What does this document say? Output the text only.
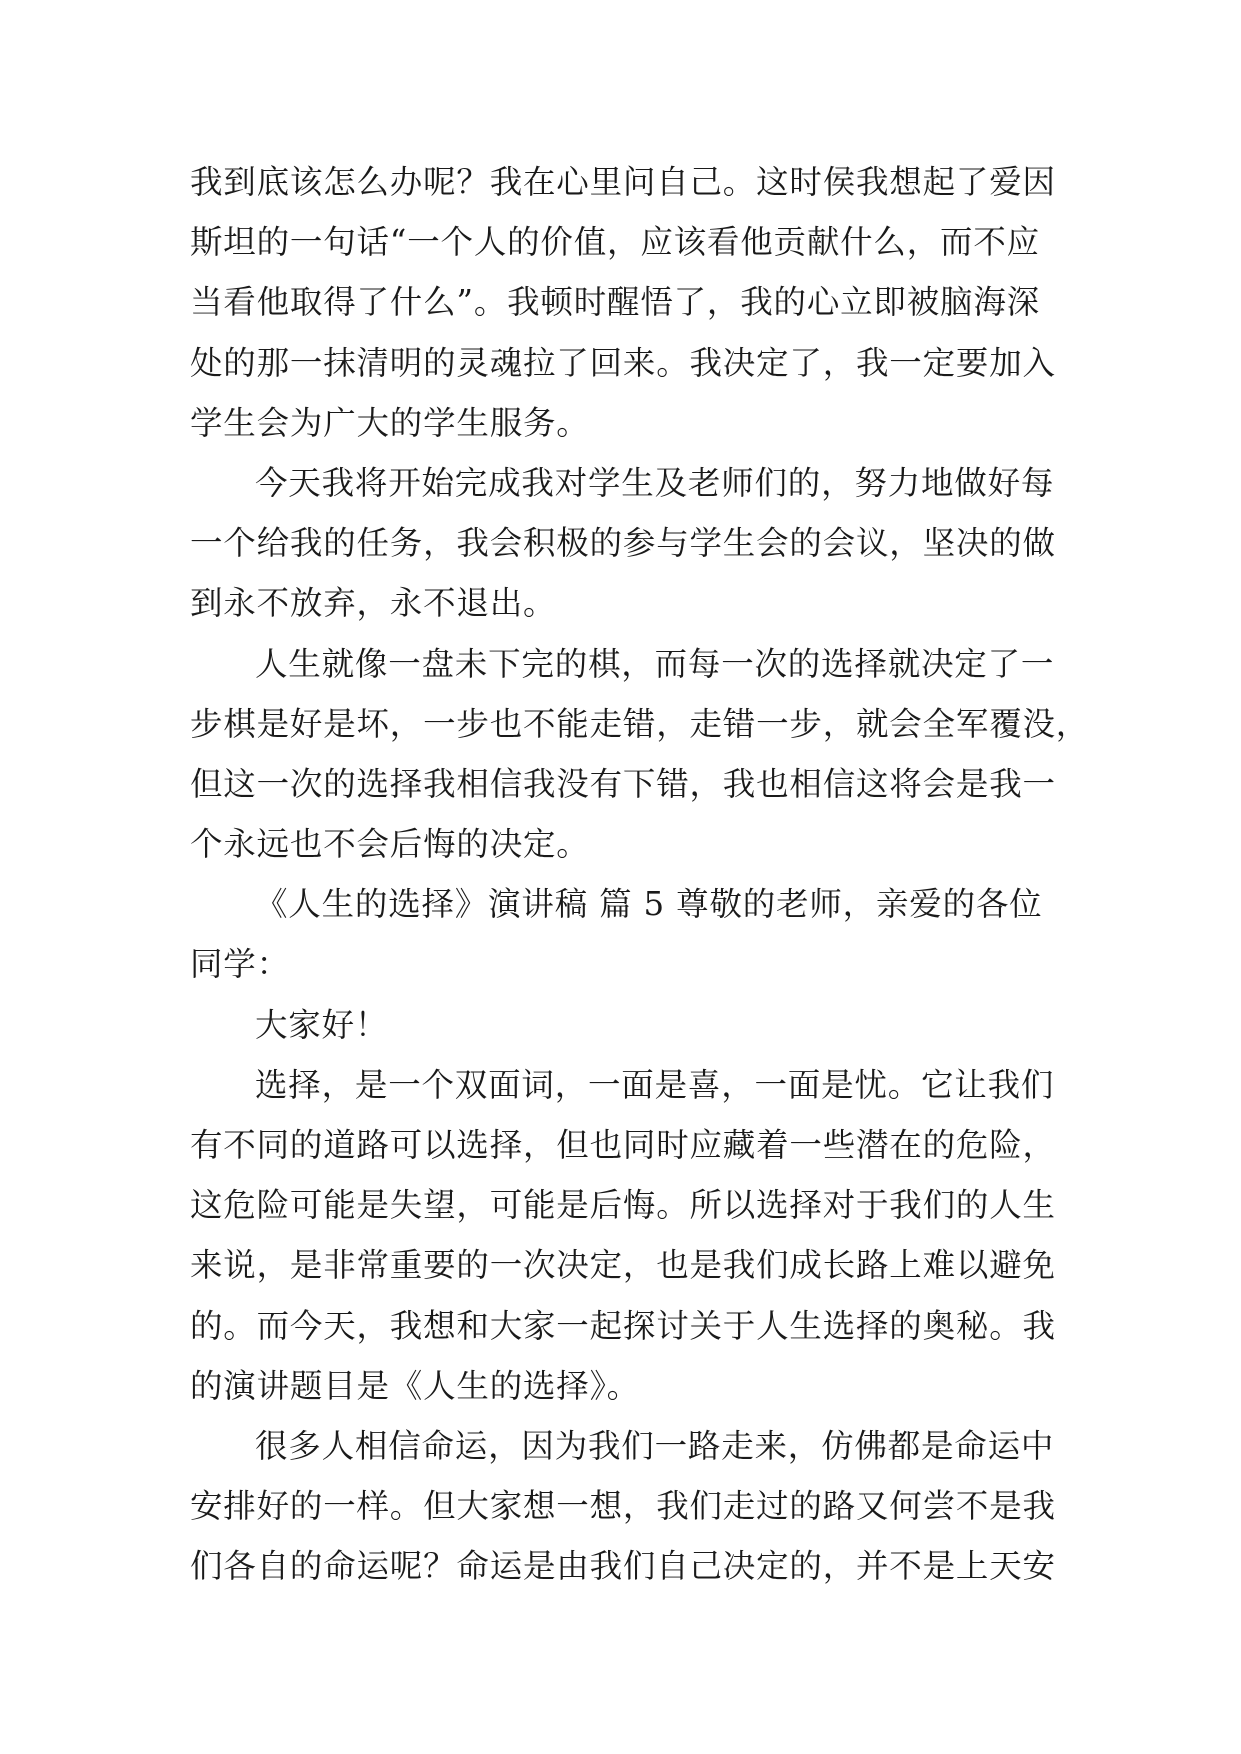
我到底该怎么办呢？我在心里问自己。这时侯我想起了爱因
斯坦的一句话“一个人的价值，应该看他贡献什么，而不应
当看他取得了什么”。我顿时醒悟了，我的心立即被脑海深
处的那一抹清明的灵魂拉了回来。我决定了，我一定要加入
学生会为广大的学生服务。
今天我将开始完成我对学生及老师们的，努力地做好每
一个给我的任务，我会积极的参与学生会的会议，坚决的做
到永不放弃，永不退出。
人生就像一盘未下完的棋，而每一次的选择就决定了一
步棋是好是坏，一步也不能走错，走错一步，就会全军覆没，
但这一次的选择我相信我没有下错，我也相信这将会是我一
个永远也不会后悔的决定。
《人生的选择》演讲稿 篇 5 尊敬的老师，亲爱的各位
同学：
大家好！
选择，是一个双面词，一面是喜，一面是忧。它让我们
有不同的道路可以选择，但也同时应藏着一些潜在的危险，
这危险可能是失望，可能是后悔。所以选择对于我们的人生
来说，是非常重要的一次决定，也是我们成长路上难以避免
的。而今天，我想和大家一起探讨关于人生选择的奥秘。我
的演讲题目是《人生的选择》。
很多人相信命运，因为我们一路走来，仿佛都是命运中
安排好的一样。但大家想一想，我们走过的路又何尝不是我
们各自的命运呢？命运是由我们自己决定的，并不是上天安
